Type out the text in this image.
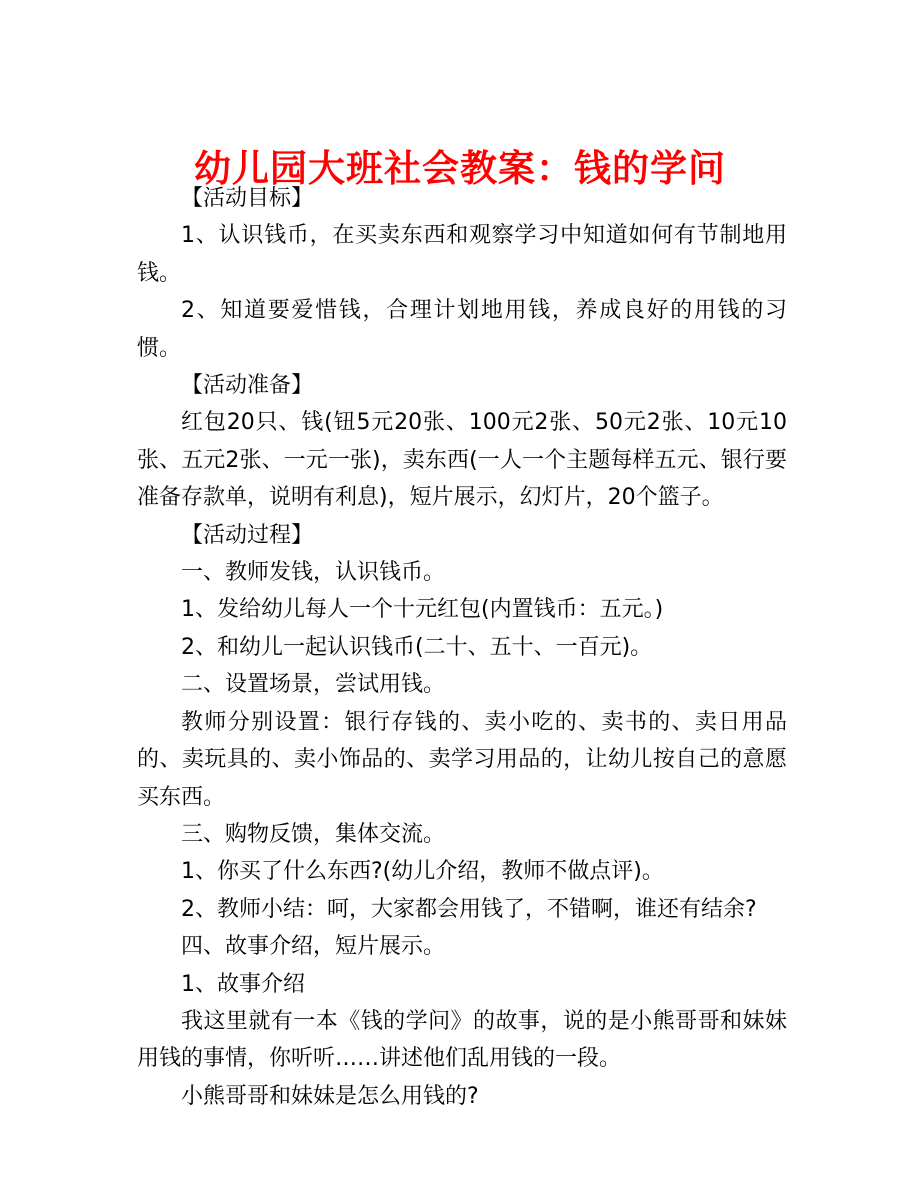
幼儿园大班社会教案：钱的学问

【活动目标】

1、认识钱币，在买卖东西和观察学习中知道如何有节制地用钱。

2、知道要爱惜钱，合理计划地用钱，养成良好的用钱的习惯。

【活动准备】

红包20只、钱(钮5元20张、100元2张、50元2张、10元10张、五元2张、一元一张)，卖东西(一人一个主题每样五元、银行要准备存款单，说明有利息)，短片展示，幻灯片，20个篮子。

【活动过程】

一、教师发钱，认识钱币。

1、发给幼儿每人一个十元红包(内置钱币：五元。)

2、和幼儿一起认识钱币(二十、五十、一百元)。

二、设置场景，尝试用钱。

教师分别设置：银行存钱的、卖小吃的、卖书的、卖日用品的、卖玩具的、卖小饰品的、卖学习用品的，让幼儿按自己的意愿买东西。

三、购物反馈，集体交流。

1、你买了什么东西?(幼儿介绍，教师不做点评)。

2、教师小结：呵，大家都会用钱了，不错啊，谁还有结余?

四、故事介绍，短片展示。

1、故事介绍

我这里就有一本《钱的学问》的故事，说的是小熊哥哥和妹妹用钱的事情，你听听……讲述他们乱用钱的一段。

小熊哥哥和妹妹是怎么用钱的?
